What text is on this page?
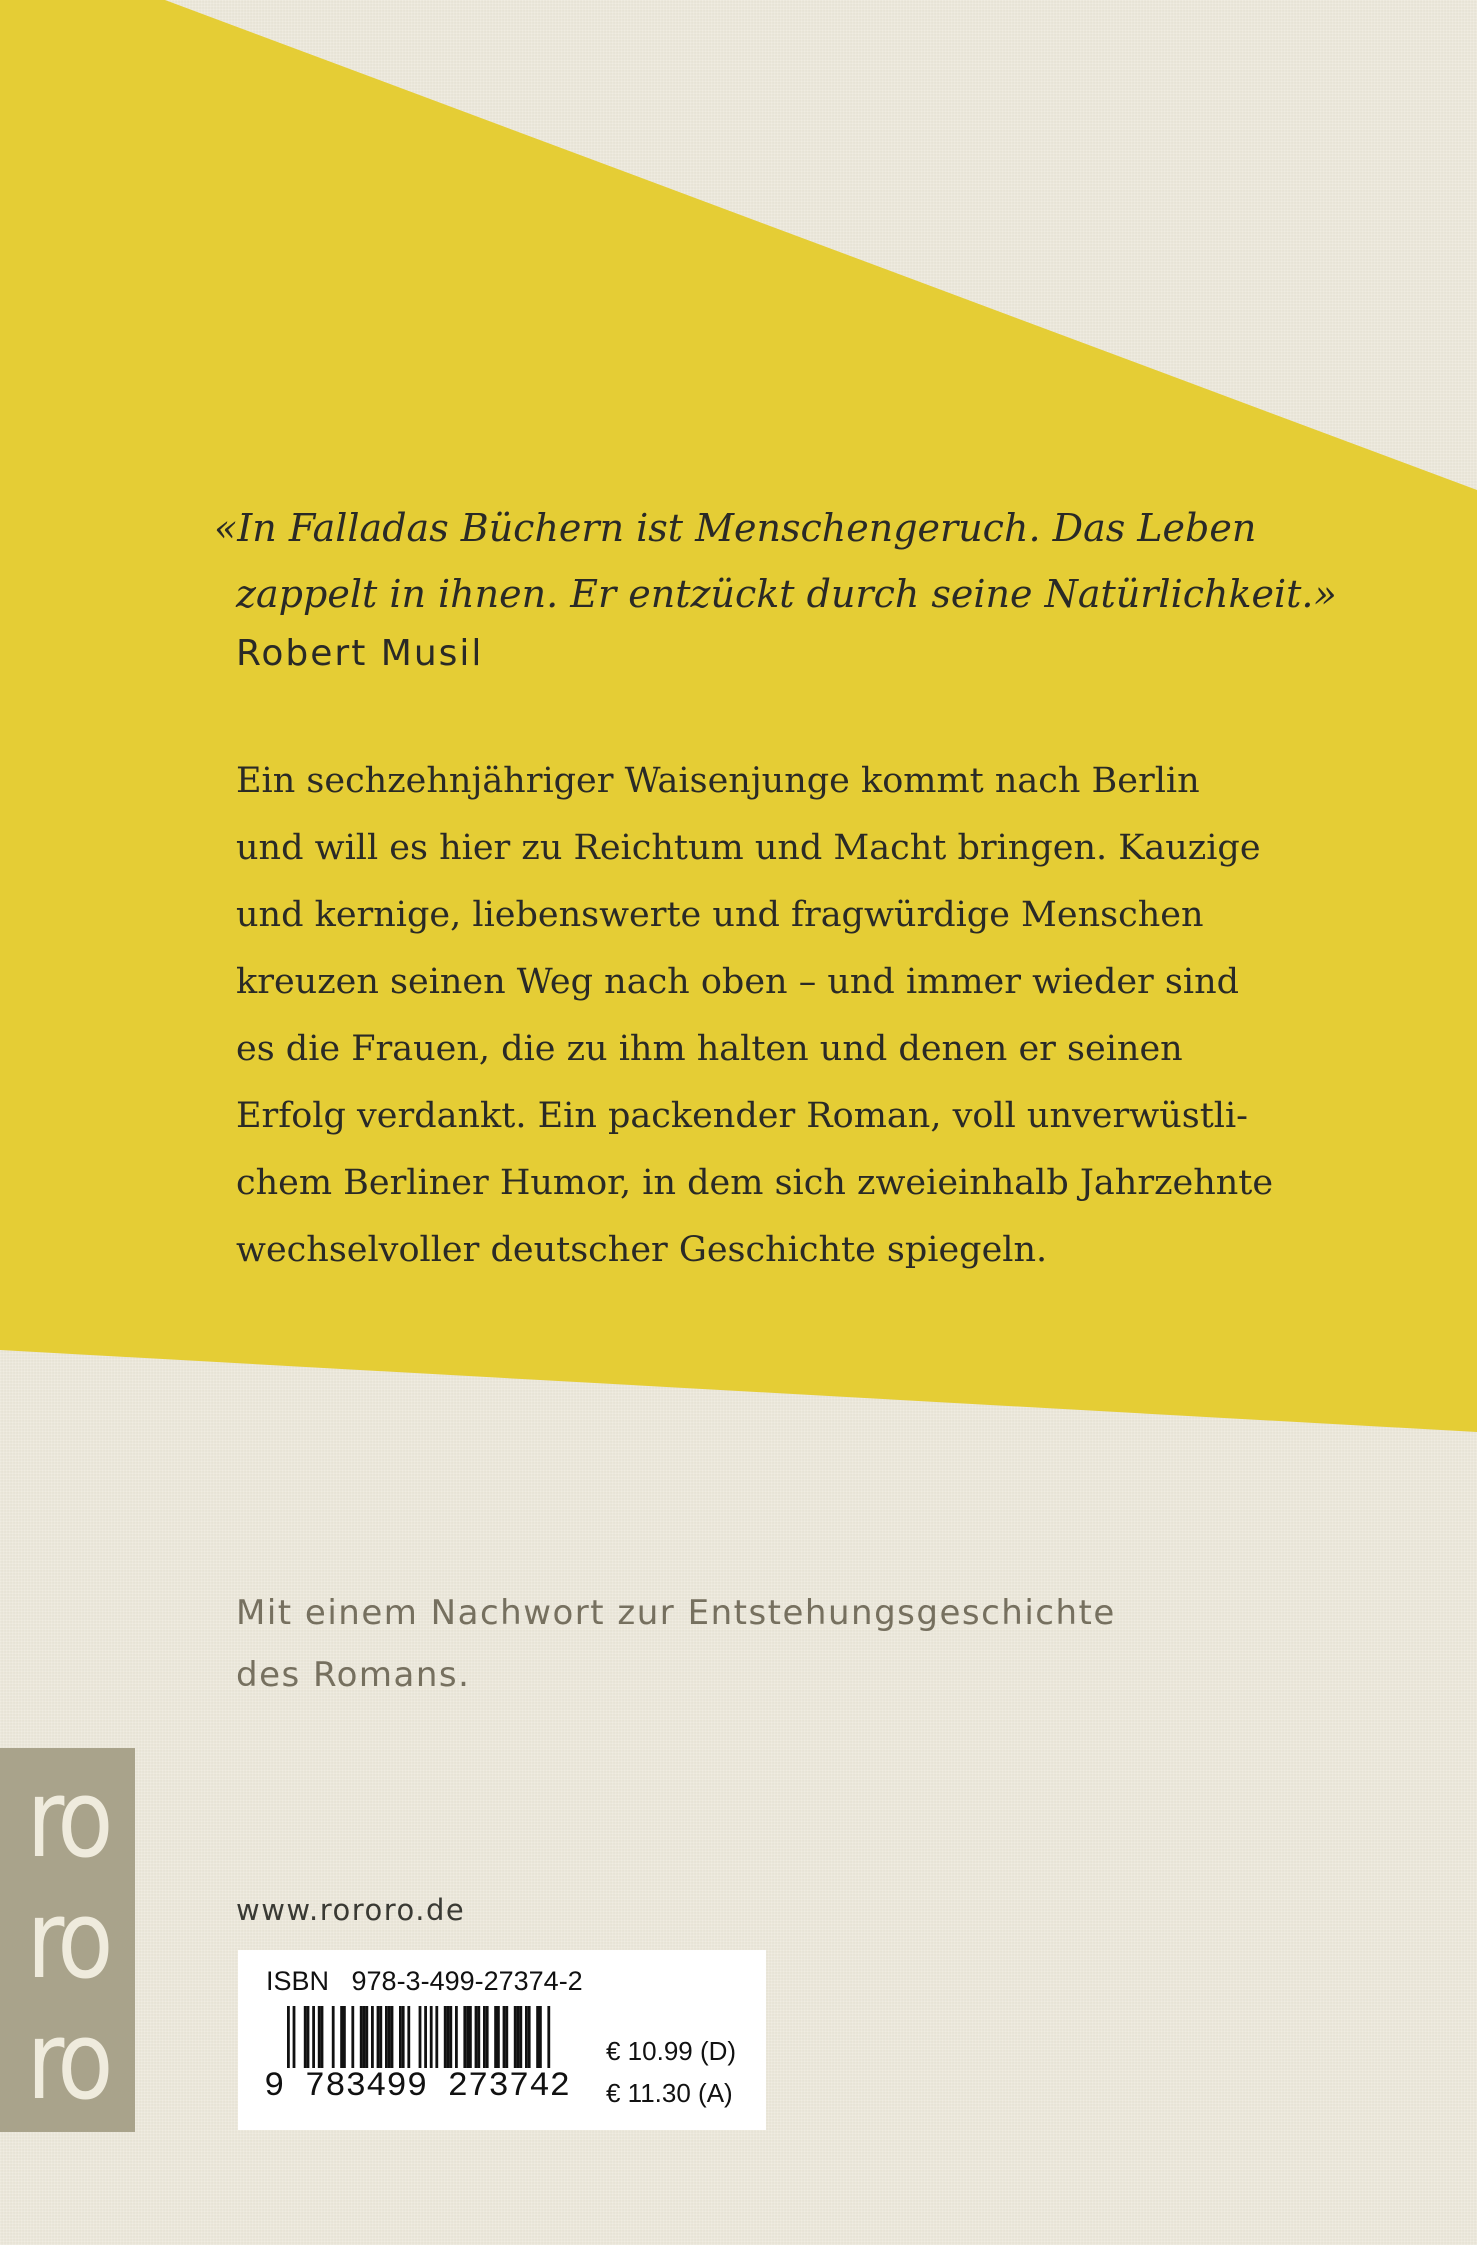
«In Falladas Büchern ist Menschengeruch. Das Leben
zappelt in ihnen. Er entzückt durch seine Natürlichkeit.»
Robert Musil
Ein sechzehnjähriger Waisenjunge kommt nach Berlin
und will es hier zu Reichtum und Macht bringen. Kauzige
und kernige, liebenswerte und fragwürdige Menschen
kreuzen seinen Weg nach oben – und immer wieder sind
es die Frauen, die zu ihm halten und denen er seinen
Erfolg verdankt. Ein packender Roman, voll unverwüstli-
chem Berliner Humor, in dem sich zweieinhalb Jahrzehnte
wechselvoller deutscher Geschichte spiegeln.
Mit einem Nachwort zur Entstehungsgeschichte
des Romans.
ro
ro
ro
www.rororo.de
ISBN   978-3-499-27374-2
9 783499 273742
€ 10.99 (D)
€ 11.30 (A)
